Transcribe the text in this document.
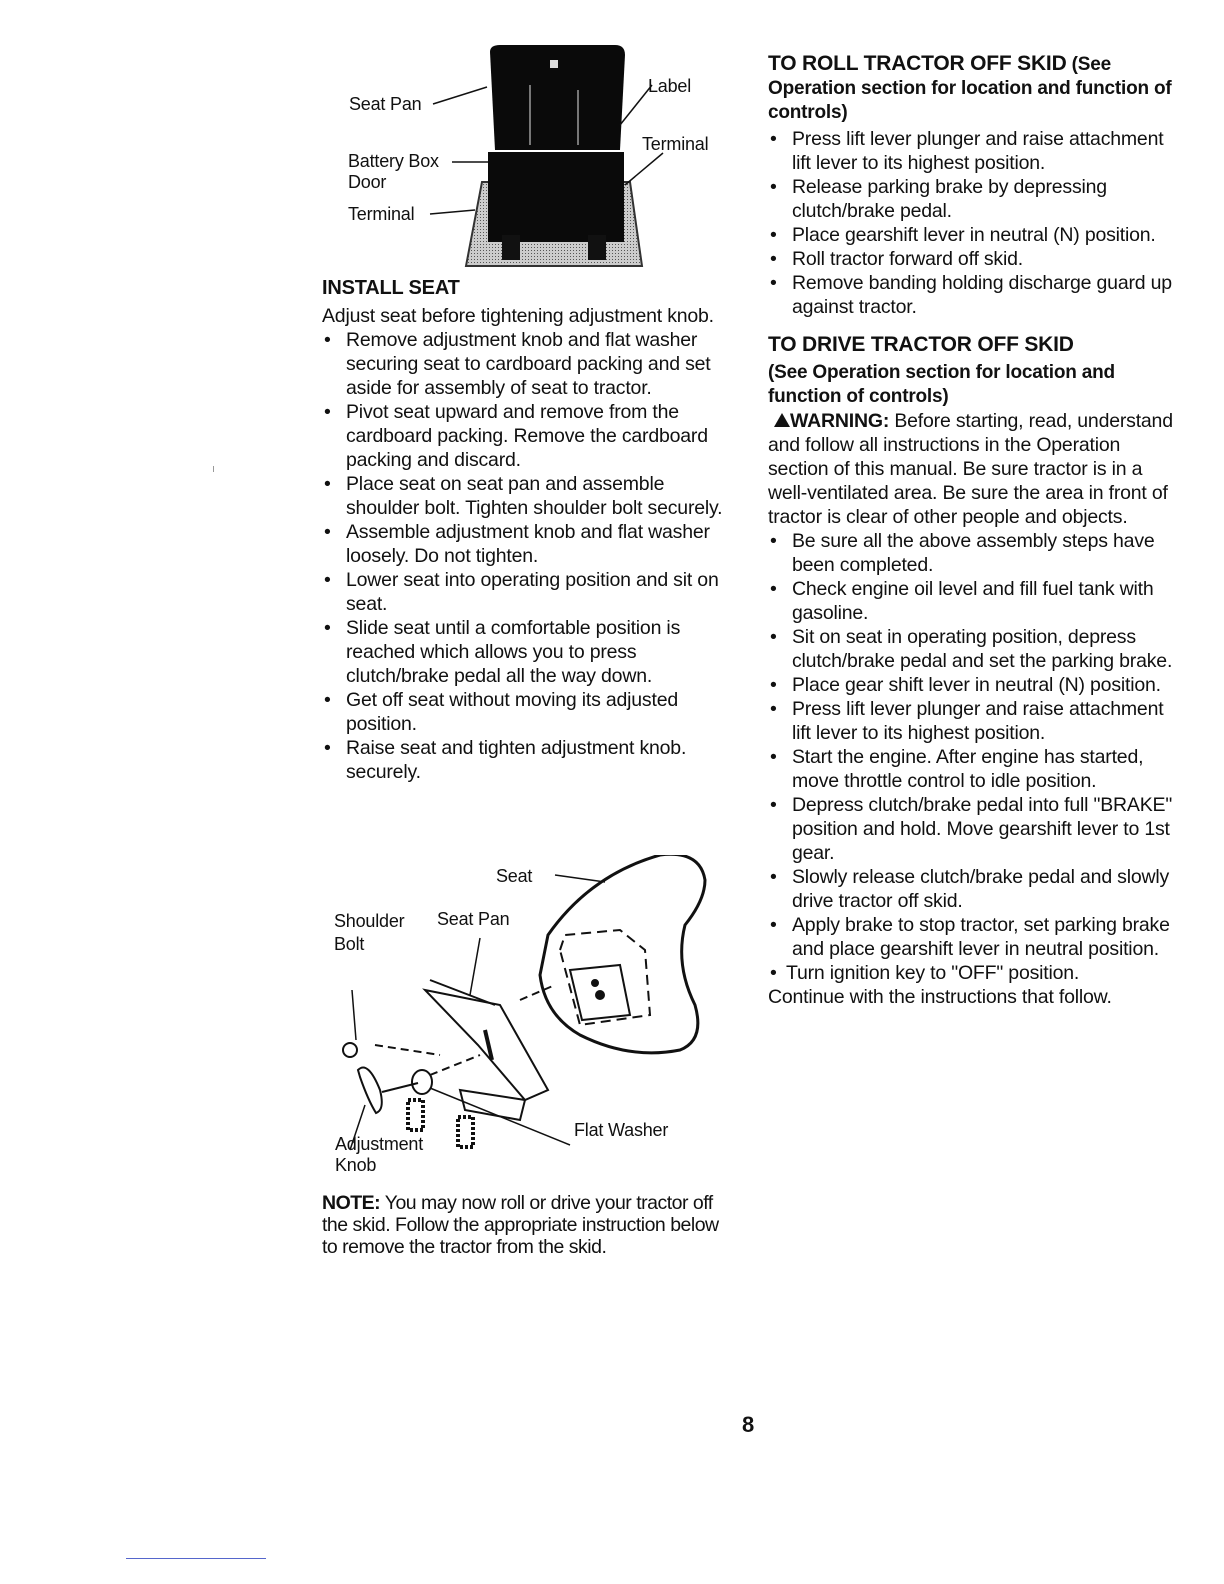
Seat Pan
Label
Terminal
Battery Box
Door
Terminal
INSTALL SEAT

Adjust seat before tightening adjustment knob.

• Remove adjustment knob and flat washer securing seat to cardboard packing and set aside for assembly of seat to tractor.
• Pivot seat upward and remove from the cardboard packing. Remove the cardboard packing and discard.
• Place seat on seat pan and assemble shoulder bolt. Tighten shoulder bolt securely.
• Assemble adjustment knob and flat washer loosely. Do not tighten.
• Lower seat into operating position and sit on seat.
• Slide seat until a comfortable position is reached which allows you to press clutch/brake pedal all the way down.
• Get off seat without moving its adjusted position.
• Raise seat and tighten adjustment knob. securely.
Seat
Shoulder
Bolt
Seat Pan
Flat Washer
Adjustment
Knob
NOTE: You may now roll or drive your tractor off the skid. Follow the appropriate instruction below to remove the tractor from the skid.
TO ROLL TRACTOR OFF SKID (See
Operation section for location and function of controls)
• Press lift lever plunger and raise attachment lift lever to its highest position.
• Release parking brake by depressing clutch/brake pedal.
• Place gearshift lever in neutral (N) position.
• Roll tractor forward off skid.
• Remove banding holding discharge guard up against tractor.
TO DRIVE TRACTOR OFF SKID
(See Operation section for location and function of controls)

WARNING: Before starting, read, understand and follow all instructions in the Operation section of this manual. Be sure tractor is in a well-ventilated area. Be sure the area in front of tractor is clear of other people and objects.

• Be sure all the above assembly steps have been completed.
• Check engine oil level and fill fuel tank with gasoline.
• Sit on seat in operating position, depress clutch/brake pedal and set the parking brake.
• Place gear shift lever in neutral (N) position.
• Press lift lever plunger and raise attachment lift lever to its highest position.
• Start the engine. After engine has started, move throttle control to idle position.
• Depress clutch/brake pedal into full "BRAKE" position and hold. Move gearshift lever to 1st gear.
• Slowly release clutch/brake pedal and slowly drive tractor off skid.
• Apply brake to stop tractor, set parking brake and place gearshift lever in neutral position.
• Turn ignition key to "OFF" position.

Continue with the instructions that follow.

8
